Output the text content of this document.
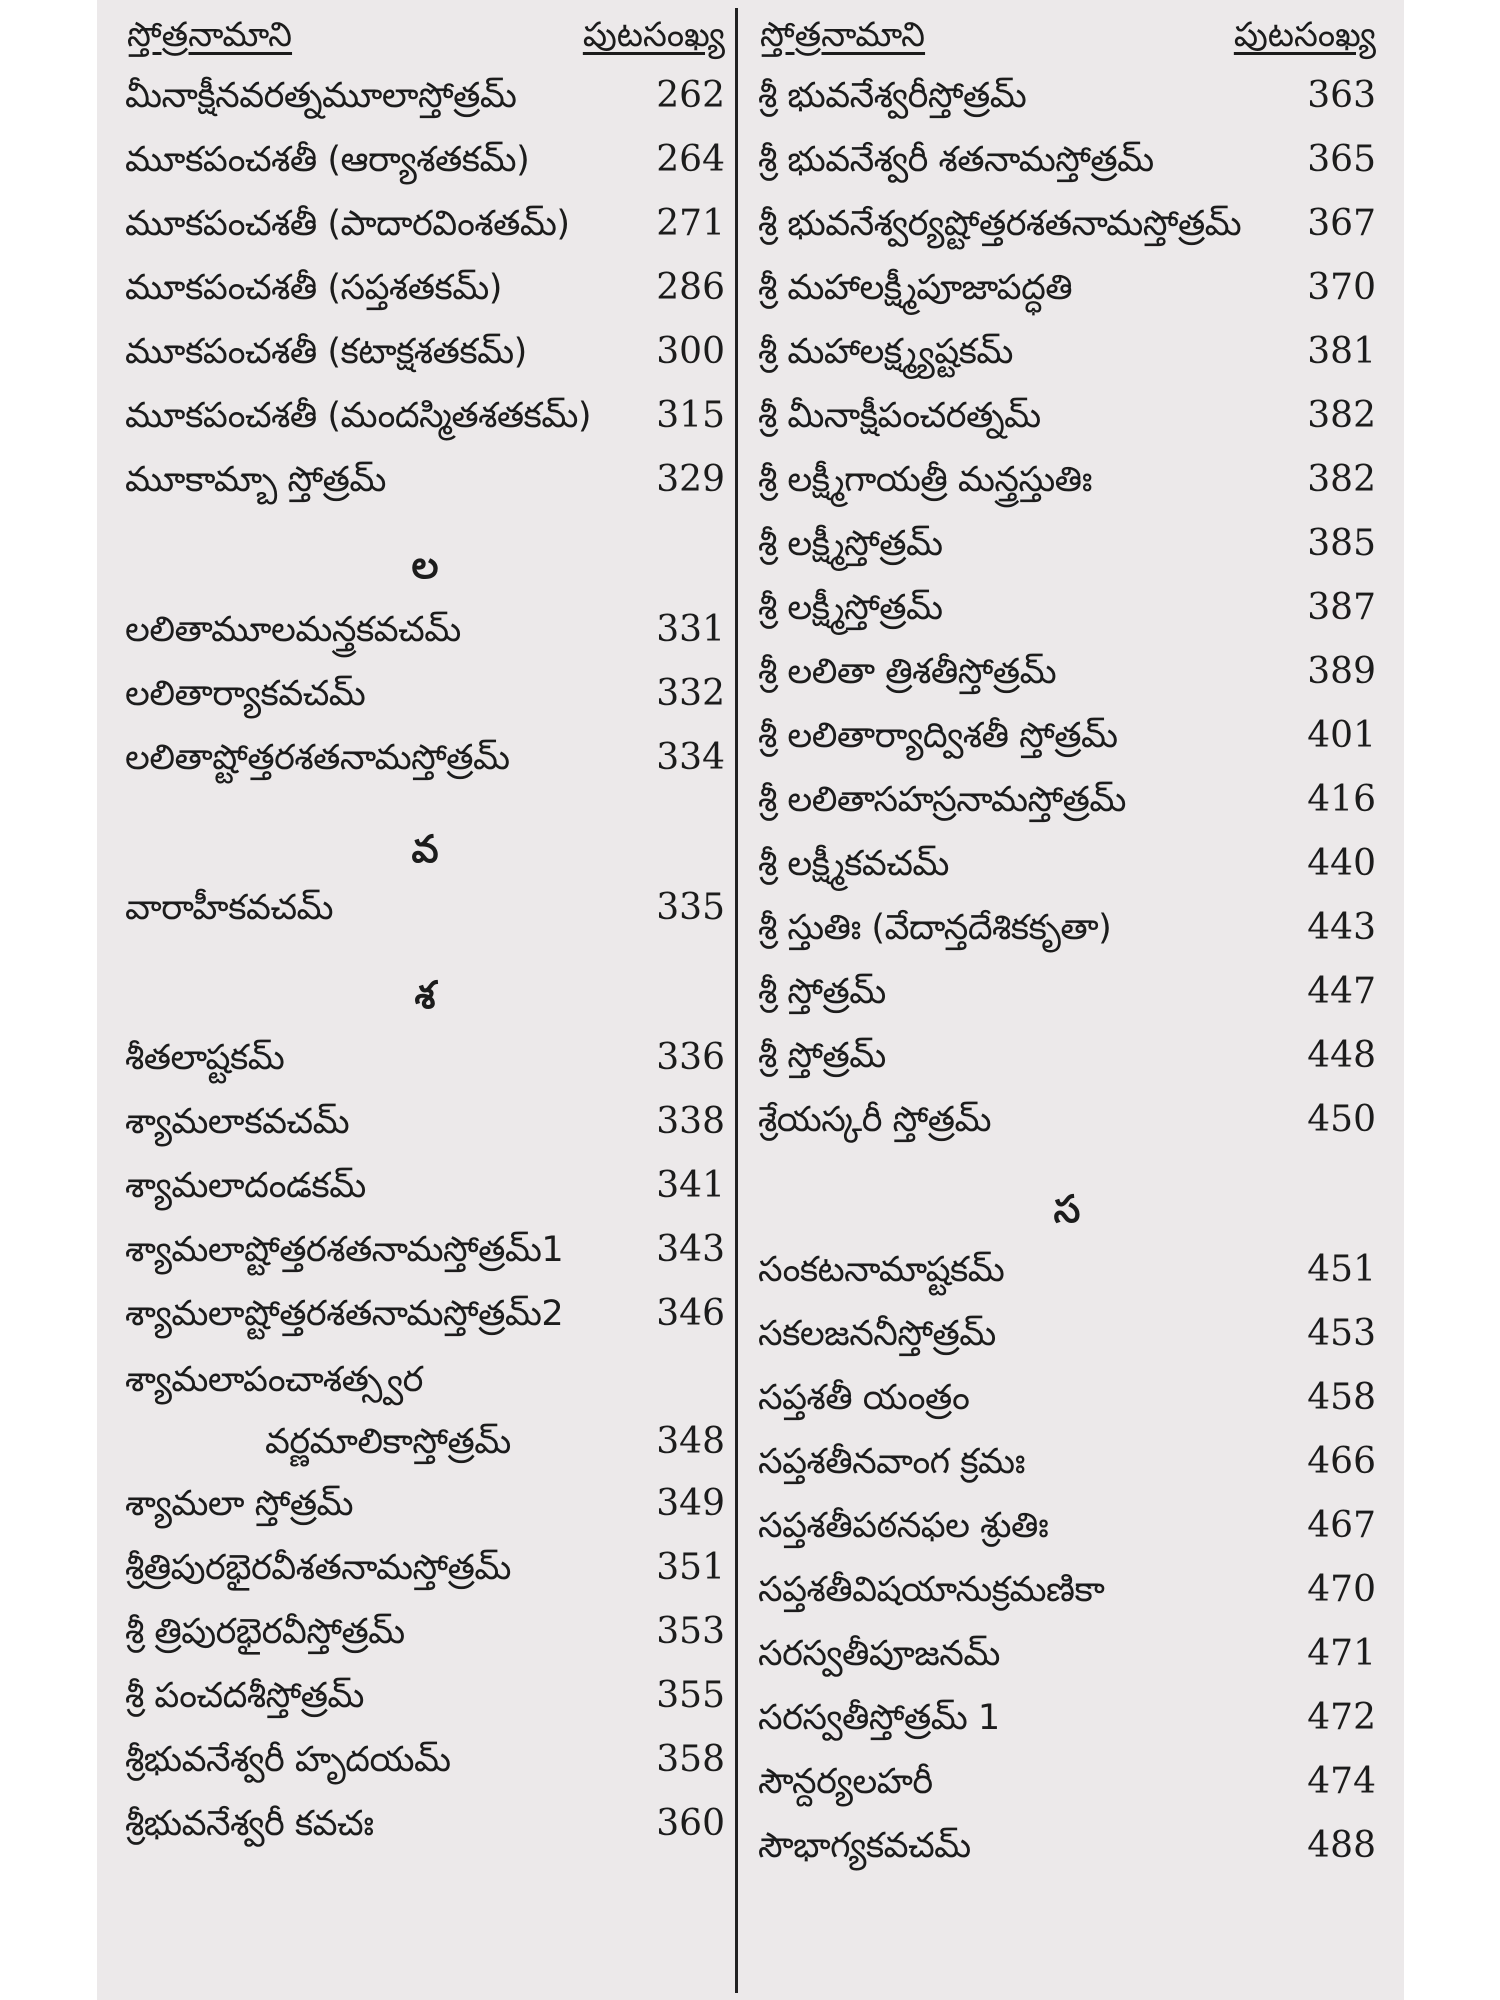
స్తోత్రనామాని	పుటసంఖ్య
మీనాక్షీనవరత్నమూలాస్తోత్రమ్	262
మూకపంచశతీ (ఆర్యాశతకమ్)	264
మూకపంచశతీ (పాదారవింశతమ్) 271
మూకపంచశతీ (సప్తశతకమ్)	286
మూకపంచశతీ (కటాక్షశతకమ్)	300
మూకపంచశతీ (మందస్మితశతకమ్) 315
మూకామ్బా స్తోత్రమ్	329
ల
లలితామూలమన్త్రకవచమ్	331
లలితార్యాకవచమ్	332
లలితాష్టోత్తరశతనామస్తోత్రమ్	334
వ
వారాహీకవచమ్	335
శ
శీతలాష్టకమ్	336
శ్యామలాకవచమ్	338
శ్యామలాదండకమ్	341
శ్యామలాష్టోత్తరశతనామస్తోత్రమ్1	343
శ్యామలాష్టోత్తరశతనామస్తోత్రమ్2	346
శ్యామలాపంచాశత్స్వర
వర్ణమాలికాస్తోత్రమ్	348
శ్యామలా స్తోత్రమ్	349
శ్రీత్రిపురభైరవీశతనామస్తోత్రమ్	351
శ్రీ త్రిపురభైరవీస్తోత్రమ్	353
శ్రీ పంచదశీస్తోత్రమ్	355
శ్రీభువనేశ్వరీ హృదయమ్	358
శ్రీభువనేశ్వరీ కవచః	360
స్తోత్రనామాని	పుటసంఖ్య
శ్రీ భువనేశ్వరీస్తోత్రమ్	363
శ్రీ భువనేశ్వరీ శతనామస్తోత్రమ్	365
శ్రీ భువనేశ్వర్యష్టోత్తరశతనామస్తోత్రమ్ 367
శ్రీ మహాలక్ష్మీపూజాపద్ధతి	370
శ్రీ మహాలక్ష్మ్యష్టకమ్	381
శ్రీ మీనాక్షీపంచరత్నమ్	382
శ్రీ లక్ష్మీగాయత్రీ మన్త్రస్తుతిః	382
శ్రీ లక్ష్మీస్తోత్రమ్	385
శ్రీ లక్ష్మీస్తోత్రమ్	387
శ్రీ లలితా త్రిశతీస్తోత్రమ్	389
శ్రీ లలితార్యాద్విశతీ స్తోత్రమ్	401
శ్రీ లలితాసహస్రనామస్తోత్రమ్	416
శ్రీ లక్ష్మీకవచమ్	440
శ్రీ స్తుతిః (వేదాన్తదేశికకృతా)	443
శ్రీ స్తోత్రమ్	447
శ్రీ స్తోత్రమ్	448
శ్రేయస్కరీ స్తోత్రమ్	450
స
సంకటనామాష్టకమ్	451
సకలజననీస్తోత్రమ్	453
సప్తశతీ యంత్రం	458
సప్తశతీనవాంగ క్రమః	466
సప్తశతీపఠనఫల శ్రుతిః	467
సప్తశతీవిషయానుక్రమణికా	470
సరస్వతీపూజనమ్	471
సరస్వతీస్తోత్రమ్ 1	472
సౌన్దర్యలహరీ	474
సౌభాగ్యకవచమ్	488
